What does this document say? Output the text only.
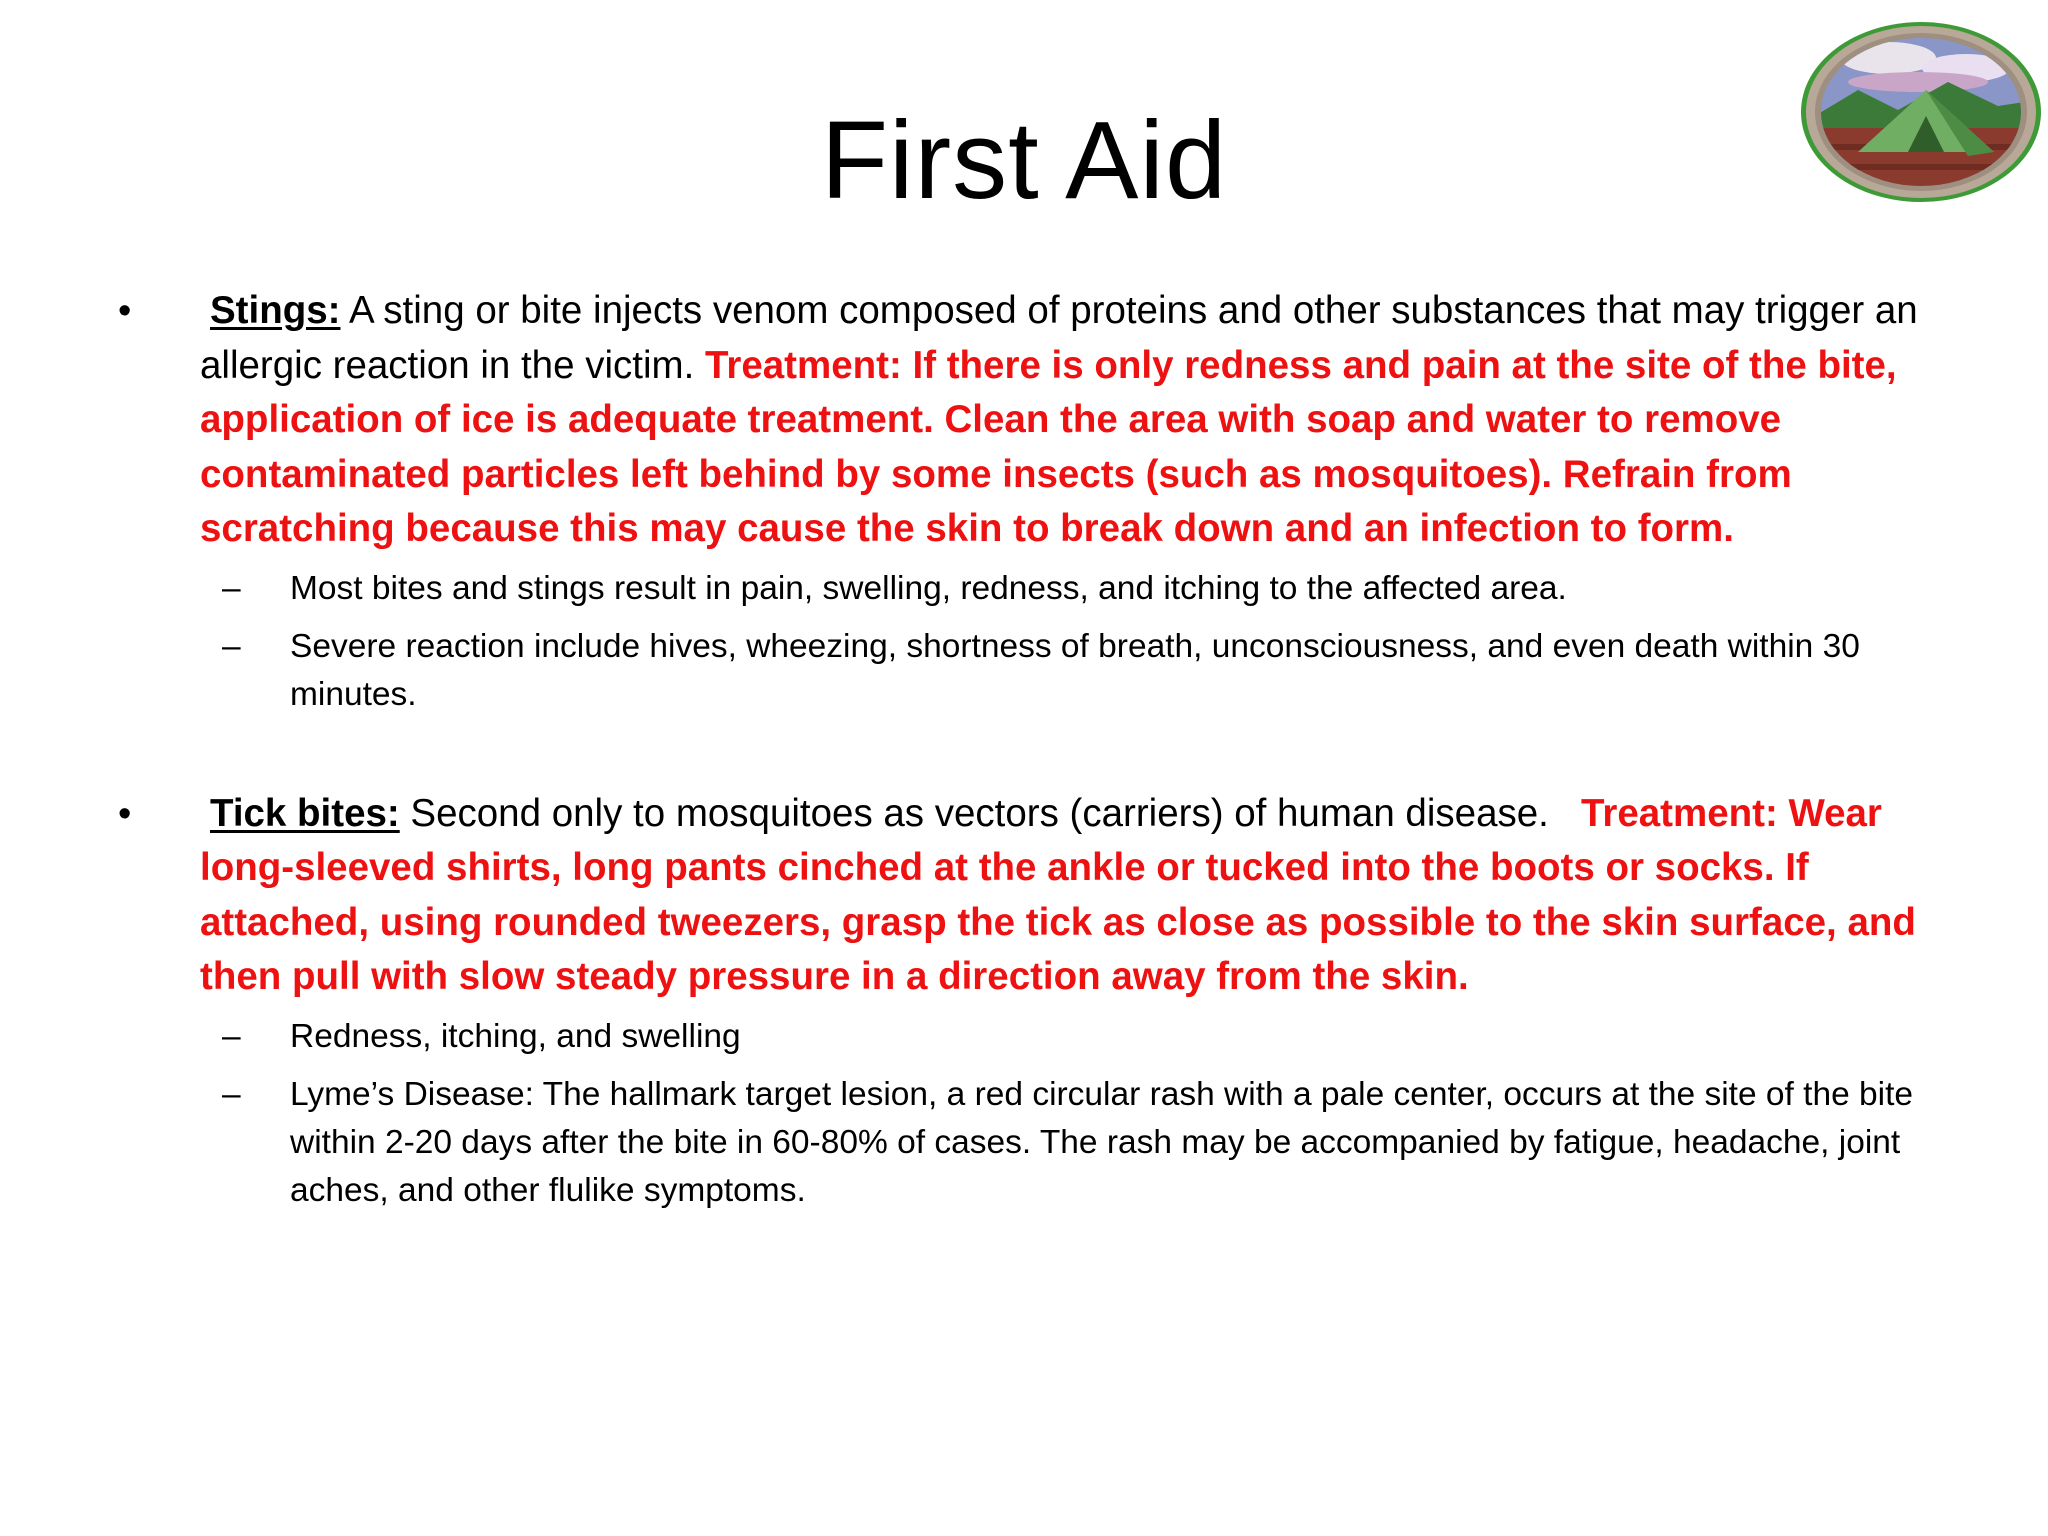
First Aid
• Stings: A sting or bite injects venom composed of proteins and other substances that may trigger an allergic reaction in the victim. Treatment: If there is only redness and pain at the site of the bite, application of ice is adequate treatment. Clean the area with soap and water to remove contaminated particles left behind by some insects (such as mosquitoes). Refrain from scratching because this may cause the skin to break down and an infection to form.
– Most bites and stings result in pain, swelling, redness, and itching to the affected area.
– Severe reaction include hives, wheezing, shortness of breath, unconsciousness, and even death within 30 minutes.
• Tick bites: Second only to mosquitoes as vectors (carriers) of human disease.   Treatment: Wear long-sleeved shirts, long pants cinched at the ankle or tucked into the boots or socks. If attached, using rounded tweezers, grasp the tick as close as possible to the skin surface, and then pull with slow steady pressure in a direction away from the skin.
– Redness, itching, and swelling
– Lyme’s Disease: The hallmark target lesion, a red circular rash with a pale center, occurs at the site of the bite within 2-20 days after the bite in 60-80% of cases. The rash may be accompanied by fatigue, headache, joint aches, and other flulike symptoms.
